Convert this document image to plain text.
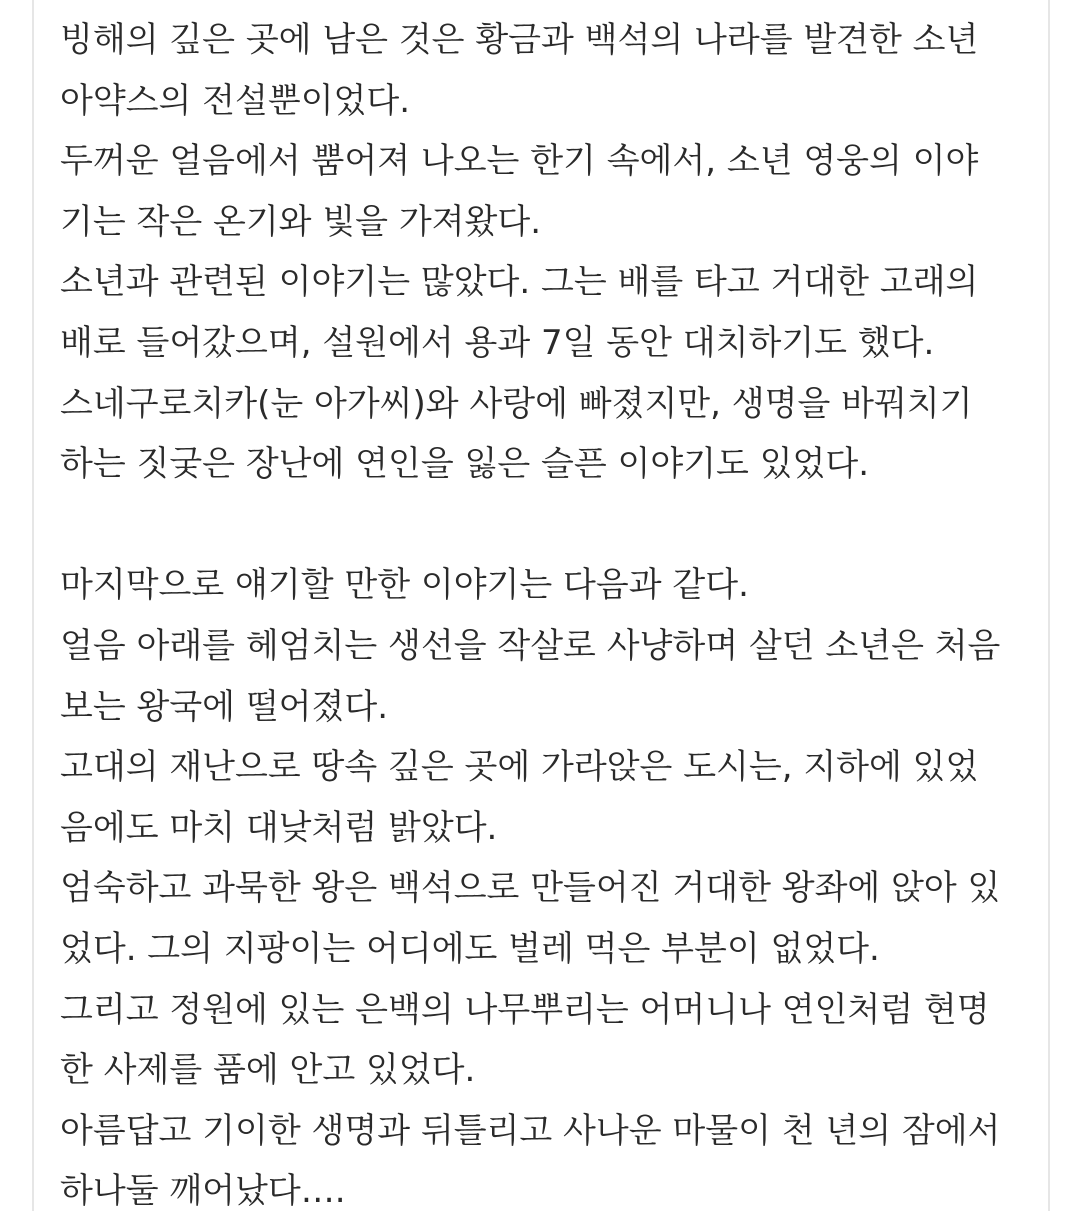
빙해의 깊은 곳에 남은 것은 황금과 백석의 나라를 발견한 소년
아약스의 전설뿐이었다.
두꺼운 얼음에서 뿜어져 나오는 한기 속에서, 소년 영웅의 이야
기는 작은 온기와 빛을 가져왔다.
소년과 관련된 이야기는 많았다. 그는 배를 타고 거대한 고래의
배로 들어갔으며, 설원에서 용과 7일 동안 대치하기도 했다.
스네구로치카(눈 아가씨)와 사랑에 빠졌지만, 생명을 바꿔치기
하는 짓궂은 장난에 연인을 잃은 슬픈 이야기도 있었다.
마지막으로 얘기할 만한 이야기는 다음과 같다.
얼음 아래를 헤엄치는 생선을 작살로 사냥하며 살던 소년은 처음
보는 왕국에 떨어졌다.
고대의 재난으로 땅속 깊은 곳에 가라앉은 도시는, 지하에 있었
음에도 마치 대낮처럼 밝았다.
엄숙하고 과묵한 왕은 백석으로 만들어진 거대한 왕좌에 앉아 있
었다. 그의 지팡이는 어디에도 벌레 먹은 부분이 없었다.
그리고 정원에 있는 은백의 나무뿌리는 어머니나 연인처럼 현명
한 사제를 품에 안고 있었다.
아름답고 기이한 생명과 뒤틀리고 사나운 마물이 천 년의 잠에서
하나둘 깨어났다….
